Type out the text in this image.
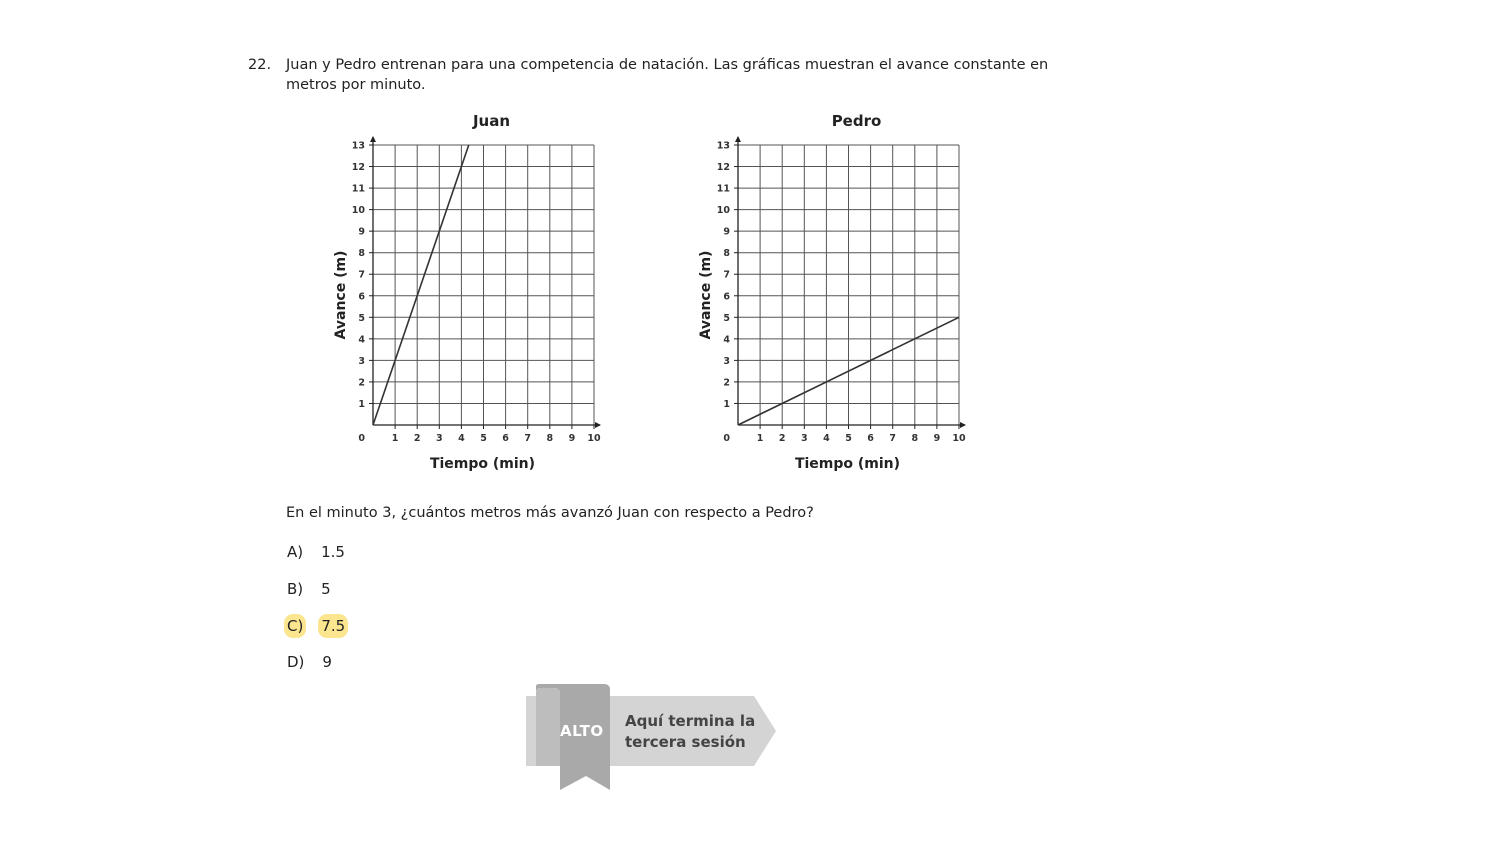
22. Juan y Pedro entrenan para una competencia de natación. Las gráficas muestran el avance constante en metros por minuto.
Juan
1 2 3 4 5 6 7 8 9 10
1
2
3
4
5
6
7
8
9
10
11
12
13
0
Tiempo (min)
Avance (m)
Pedro
1 2 3 4 5 6 7 8 9 10
1
2
3
4
5
6
7
8
9
10
11
12
13
0
Tiempo (min)
Avance (m)
En el minuto 3, ¿cuántos metros más avanzó Juan con respecto a Pedro?
A) 1.5
B) 5
C) 7.5
D) 9
ALTO
Aquí termina la
tercera sesión
